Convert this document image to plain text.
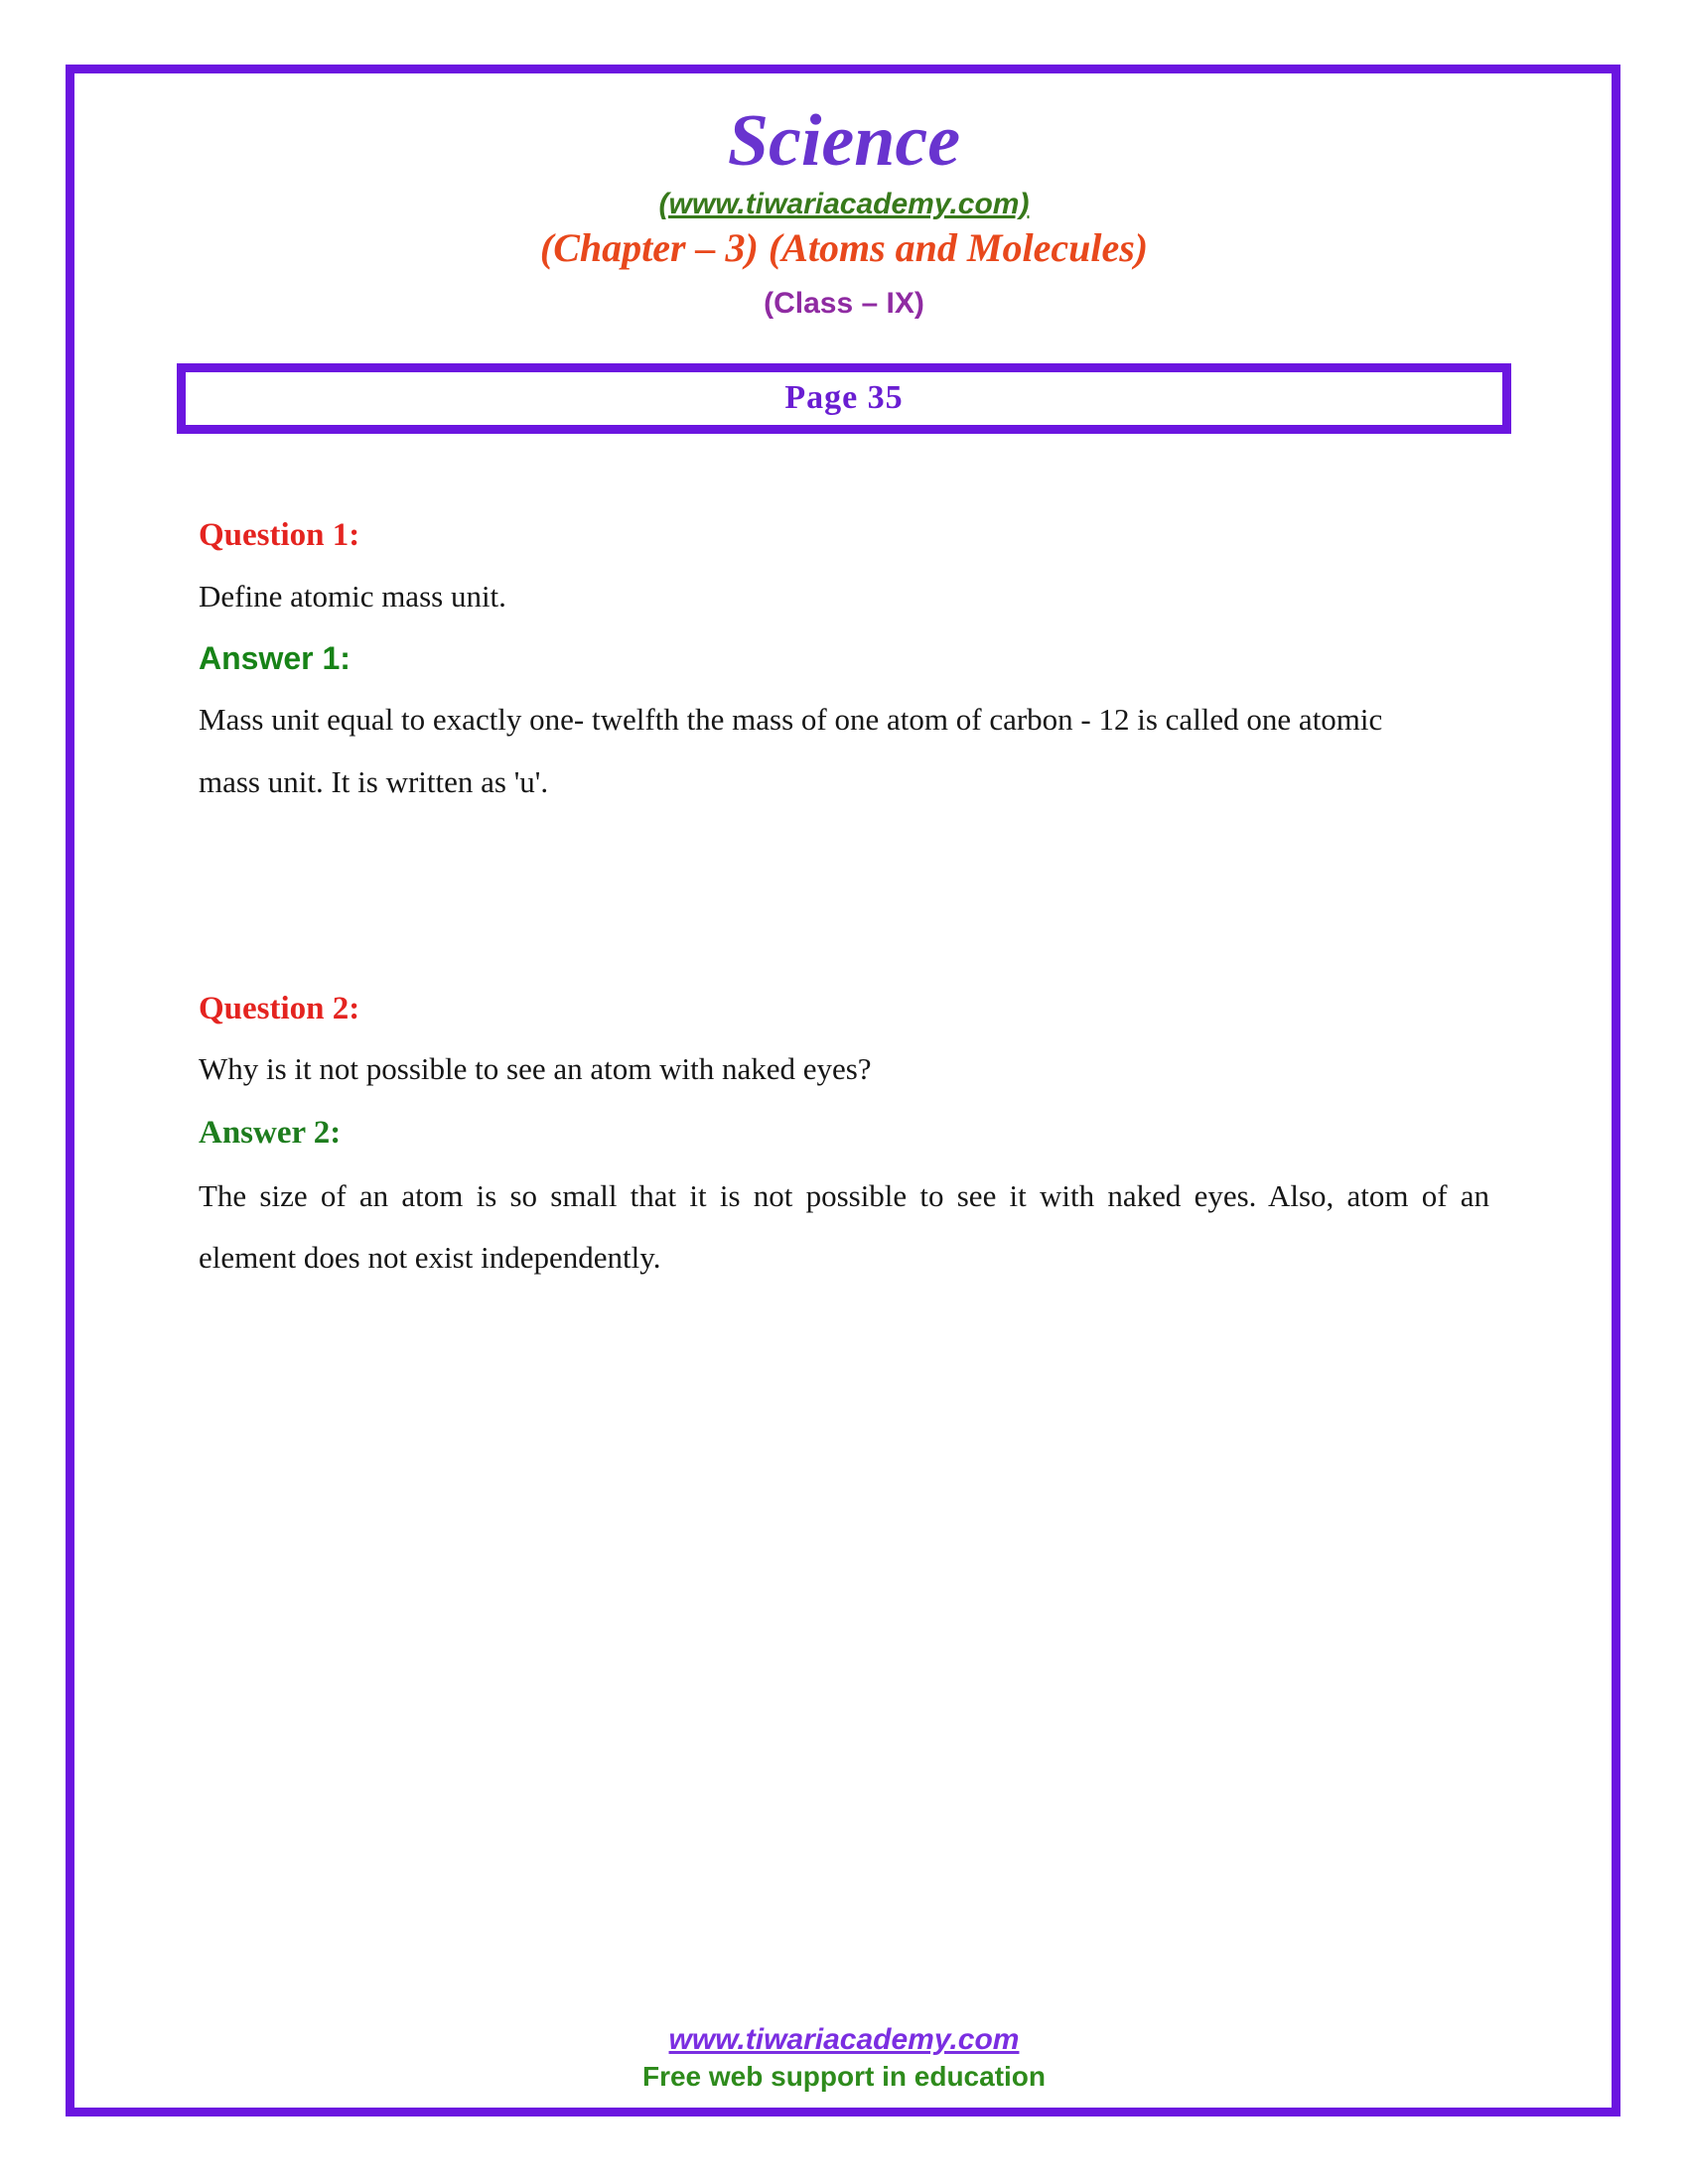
Science
(www.tiwariacademy.com)
(Chapter – 3) (Atoms and Molecules)
(Class – IX)
Page 35
Question 1:
Define atomic mass unit.
Answer 1:
Mass unit equal to exactly one- twelfth the mass of one atom of carbon - 12 is called one atomic
mass unit. It is written as 'u'.
Question 2:
Why is it not possible to see an atom with naked eyes?
Answer 2:
The size of an atom is so small that it is not possible to see it with naked eyes. Also, atom of an
element does not exist independently.
www.tiwariacademy.com
Free web support in education
